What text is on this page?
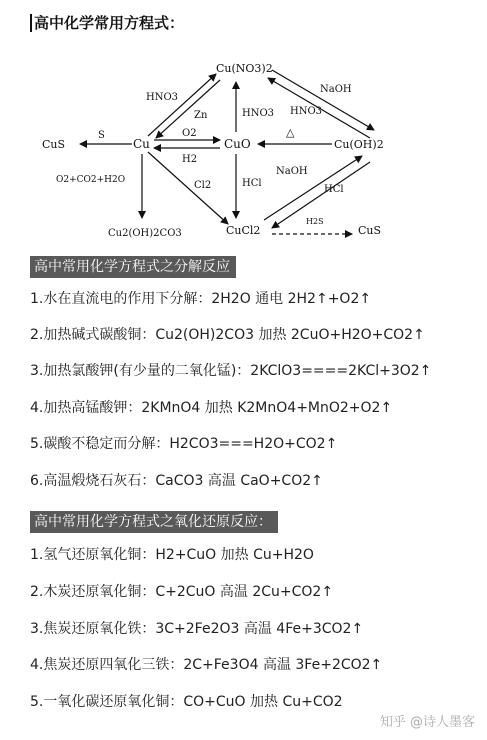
高中化学常用方程式：
Cu(NO3)2
Cu	CuO	Cu(OH)2
CuS
CuCl2	CuS
Cu2(OH)2CO3
HNO3
Zn	HNO3 HNO3
NaOH
△
S	O2
H2
Cl2	HCl
NaOH
HCl
H2S
O2+CO2+H2O
高中常用化学方程式之分解反应
1.水在直流电的作用下分解：2H2O 通电 2H2↑+O2↑
2.加热碱式碳酸铜：Cu2(OH)2CO3 加热 2CuO+H2O+CO2↑
3.加热氯酸钾(有少量的二氧化锰)：2KClO3====2KCl+3O2↑
4.加热高锰酸钾：2KMnO4 加热 K2MnO4+MnO2+O2↑
5.碳酸不稳定而分解：H2CO3===H2O+CO2↑
6.高温煅烧石灰石：CaCO3 高温 CaO+CO2↑
高中常用化学方程式之氧化还原反应：
1.氢气还原氧化铜：H2+CuO 加热 Cu+H2O
2.木炭还原氧化铜：C+2CuO 高温 2Cu+CO2↑
3.焦炭还原氧化铁：3C+2Fe2O3 高温 4Fe+3CO2↑
4.焦炭还原四氧化三铁：2C+Fe3O4 高温 3Fe+2CO2↑
5.一氧化碳还原氧化铜：CO+CuO 加热 Cu+CO2
知乎 @诗人墨客
